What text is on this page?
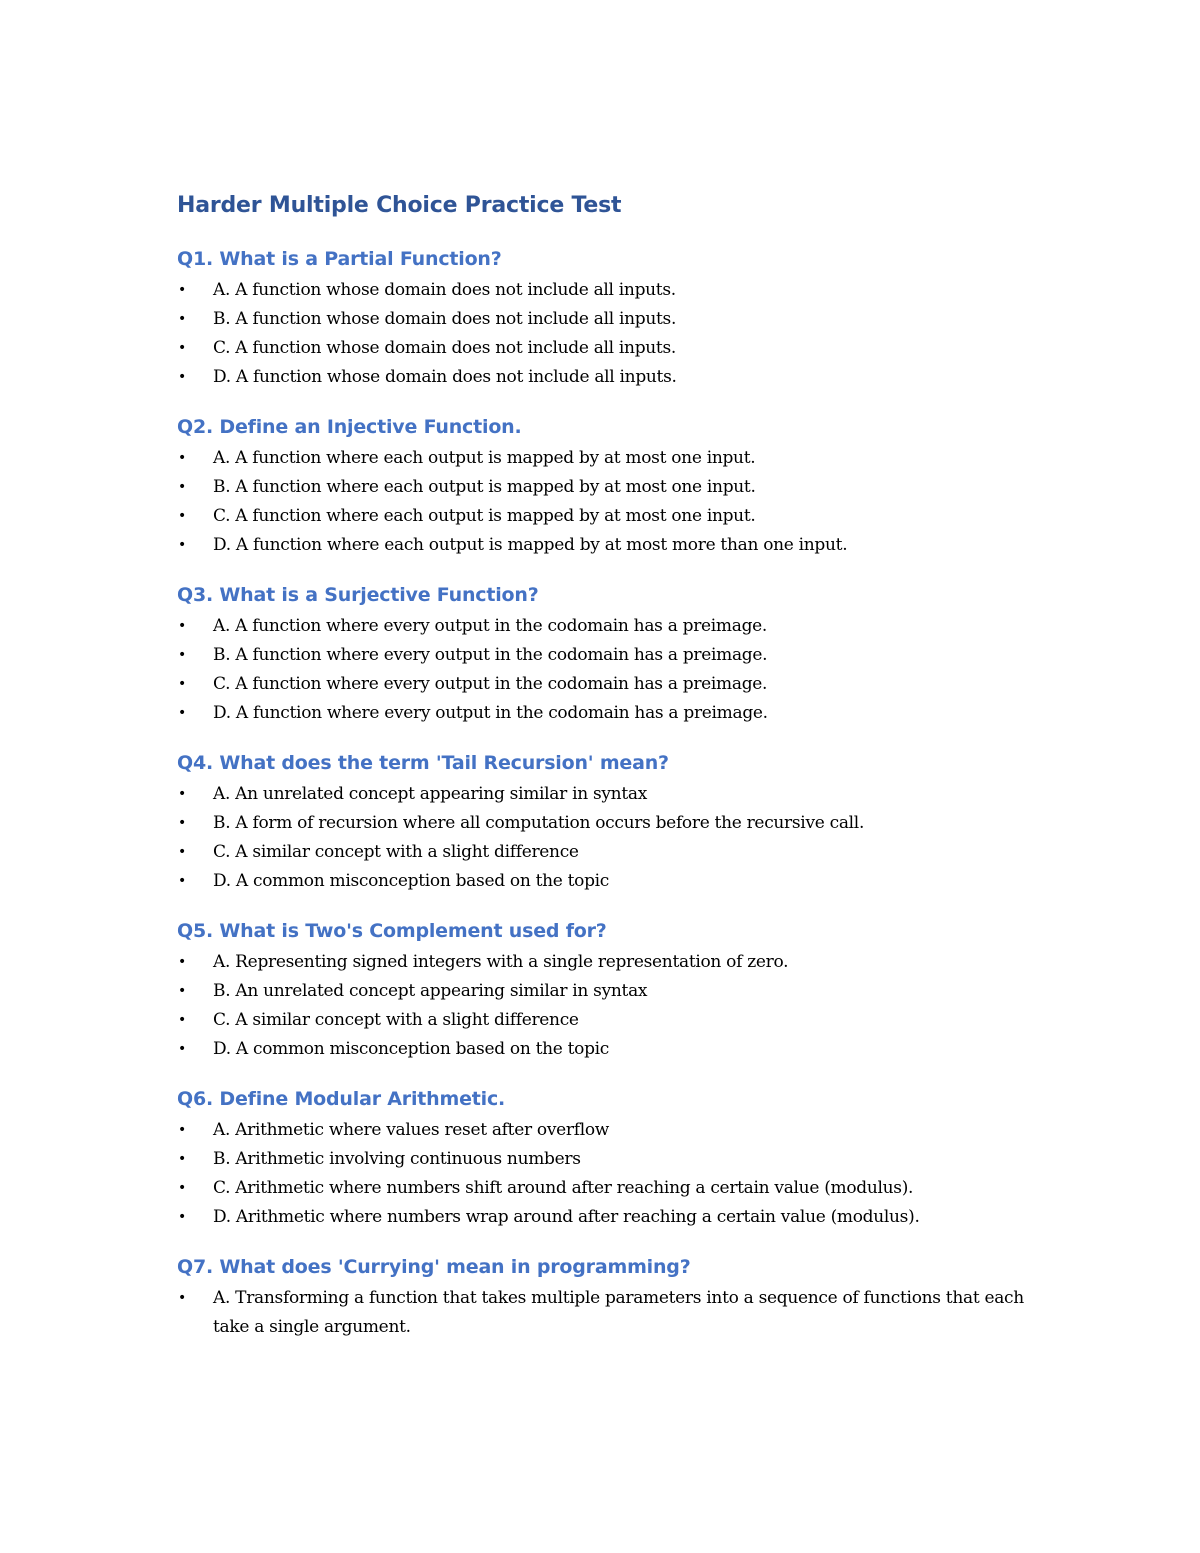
Harder Multiple Choice Practice Test
Q1. What is a Partial Function?
• A. A function whose domain does not include all inputs.
• B. A function whose domain does not include all inputs.
• C. A function whose domain does not include all inputs.
• D. A function whose domain does not include all inputs.
Q2. Define an Injective Function.
• A. A function where each output is mapped by at most one input.
• B. A function where each output is mapped by at most one input.
• C. A function where each output is mapped by at most one input.
• D. A function where each output is mapped by at most more than one input.
Q3. What is a Surjective Function?
• A. A function where every output in the codomain has a preimage.
• B. A function where every output in the codomain has a preimage.
• C. A function where every output in the codomain has a preimage.
• D. A function where every output in the codomain has a preimage.
Q4. What does the term 'Tail Recursion' mean?
• A. An unrelated concept appearing similar in syntax
• B. A form of recursion where all computation occurs before the recursive call.
• C. A similar concept with a slight difference
• D. A common misconception based on the topic
Q5. What is Two's Complement used for?
• A. Representing signed integers with a single representation of zero.
• B. An unrelated concept appearing similar in syntax
• C. A similar concept with a slight difference
• D. A common misconception based on the topic
Q6. Define Modular Arithmetic.
• A. Arithmetic where values reset after overflow
• B. Arithmetic involving continuous numbers
• C. Arithmetic where numbers shift around after reaching a certain value (modulus).
• D. Arithmetic where numbers wrap around after reaching a certain value (modulus).
Q7. What does 'Currying' mean in programming?
• A. Transforming a function that takes multiple parameters into a sequence of functions that each take a single argument.
